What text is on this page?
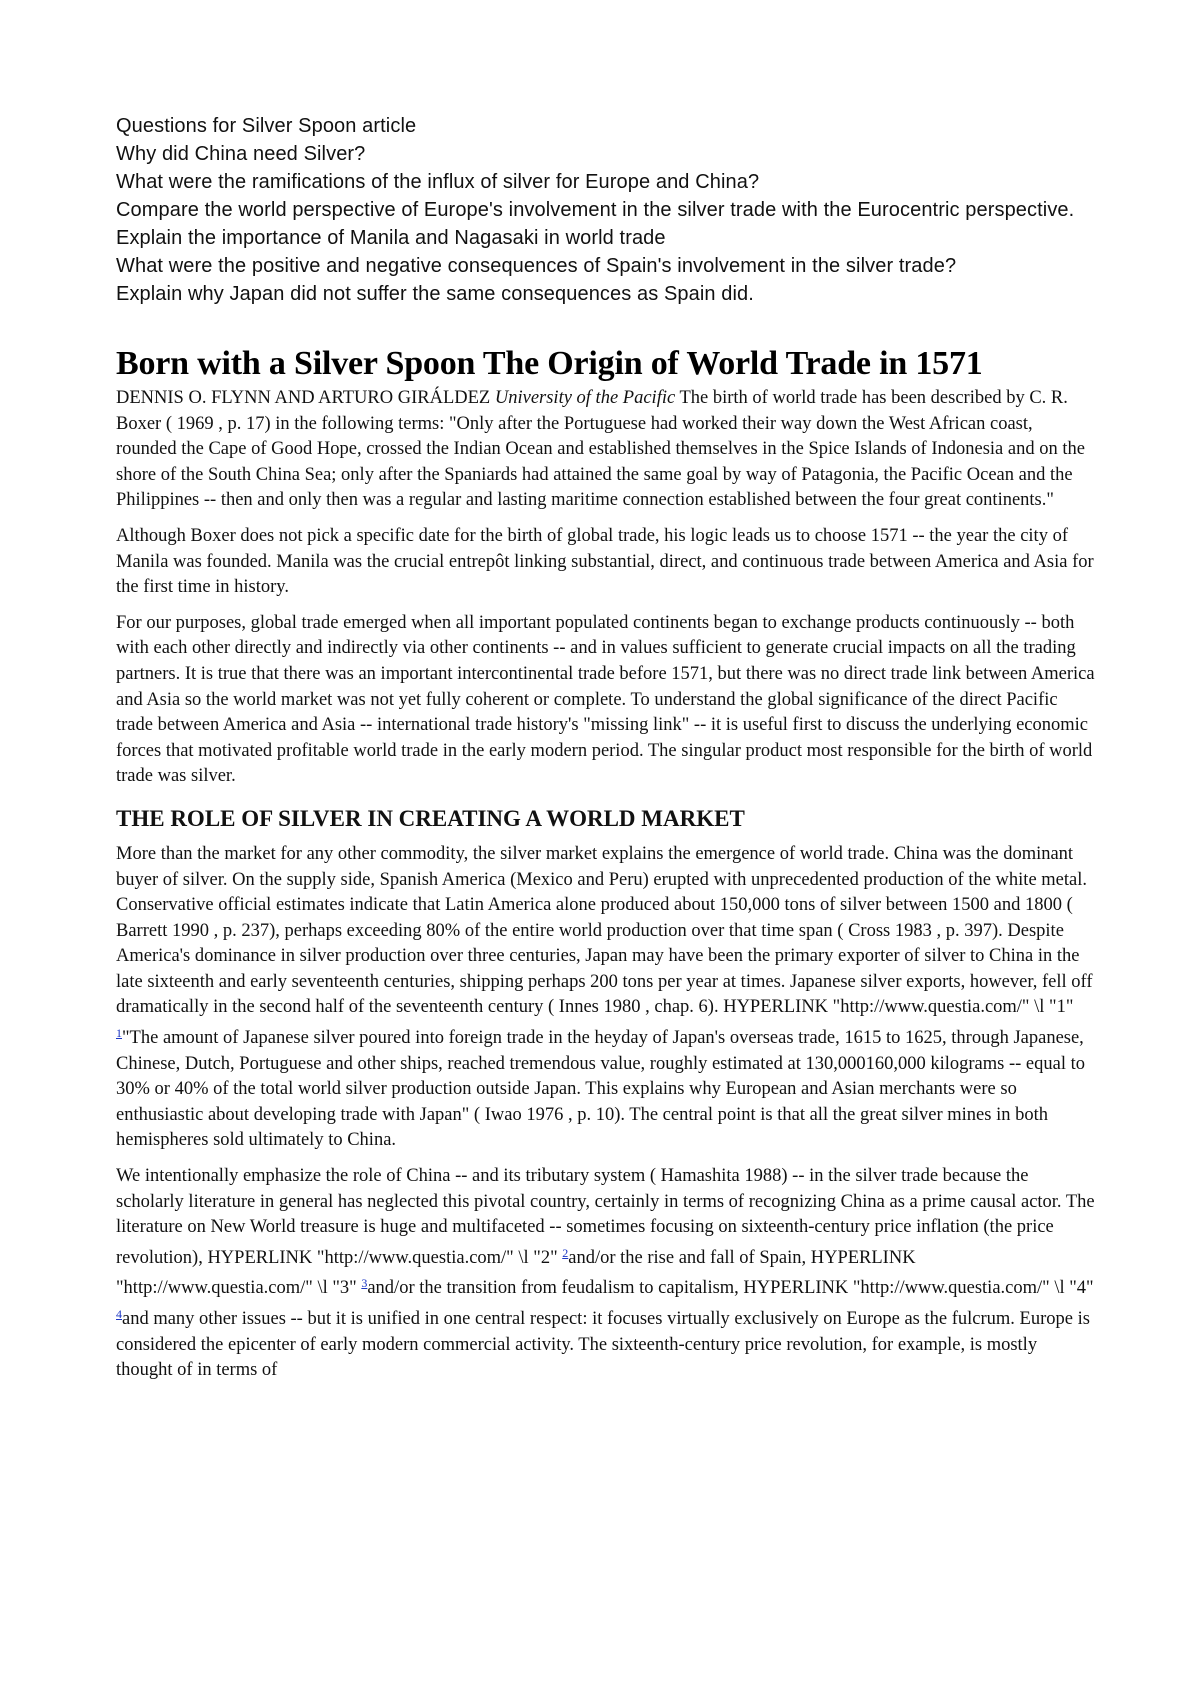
Questions for Silver Spoon article
Why did China need Silver?
What were the ramifications of the influx of silver for Europe and China?
Compare the world perspective of Europe's involvement in the silver trade with the Eurocentric perspective.
Explain the importance of Manila and Nagasaki in world trade
What were the positive and negative consequences of Spain's involvement in the silver trade?
Explain why Japan did not suffer the same consequences as Spain did.
Born with a Silver Spoon The Origin of World Trade in 1571

DENNIS O. FLYNN AND ARTURO GIRÁLDEZ University of the Pacific The birth of world trade has been described by C. R. Boxer ( 1969 , p. 17) in the following terms: "Only after the Portuguese had worked their way down the West African coast, rounded the Cape of Good Hope, crossed the Indian Ocean and established themselves in the Spice Islands of Indonesia and on the shore of the South China Sea; only after the Spaniards had attained the same goal by way of Patagonia, the Pacific Ocean and the Philippines -- then and only then was a regular and lasting maritime connection established between the four great continents."

Although Boxer does not pick a specific date for the birth of global trade, his logic leads us to choose 1571 -- the year the city of Manila was founded. Manila was the crucial entrepôt linking substantial, direct, and continuous trade between America and Asia for the first time in history.

For our purposes, global trade emerged when all important populated continents began to exchange products continuously -- both with each other directly and indirectly via other continents -- and in values sufficient to generate crucial impacts on all the trading partners. It is true that there was an important intercontinental trade before 1571, but there was no direct trade link between America and Asia so the world market was not yet fully coherent or complete. To understand the global significance of the direct Pacific trade between America and Asia -- international trade history's "missing link" -- it is useful first to discuss the underlying economic forces that motivated profitable world trade in the early modern period. The singular product most responsible for the birth of world trade was silver.

THE ROLE OF SILVER IN CREATING A WORLD MARKET

More than the market for any other commodity, the silver market explains the emergence of world trade. China was the dominant buyer of silver. On the supply side, Spanish America (Mexico and Peru) erupted with unprecedented production of the white metal. Conservative official estimates indicate that Latin America alone produced about 150,000 tons of silver between 1500 and 1800 ( Barrett 1990 , p. 237), perhaps exceeding 80% of the entire world production over that time span ( Cross 1983 , p. 397). Despite America's dominance in silver production over three centuries, Japan may have been the primary exporter of silver to China in the late sixteenth and early seventeenth centuries, shipping perhaps 200 tons per year at times. Japanese silver exports, however, fell off dramatically in the second half of the seventeenth century ( Innes 1980 , chap. 6). HYPERLINK "http://www.questia.com/" \l "1" $^1$"The amount of Japanese silver poured into foreign trade in the heyday of Japan's overseas trade, 1615 to 1625, through Japanese, Chinese, Dutch, Portuguese and other ships, reached tremendous value, roughly estimated at 130,000160,000 kilograms -- equal to 30% or 40% of the total world silver production outside Japan. This explains why European and Asian merchants were so enthusiastic about developing trade with Japan" ( Iwao 1976 , p. 10). The central point is that all the great silver mines in both hemispheres sold ultimately to China.

We intentionally emphasize the role of China -- and its tributary system ( Hamashita 1988) -- in the silver trade because the scholarly literature in general has neglected this pivotal country, certainly in terms of recognizing China as a prime causal actor. The literature on New World treasure is huge and multifaceted -- sometimes focusing on sixteenth-century price inflation (the price revolution), HYPERLINK "http://www.questia.com/" \l "2" $^2$and/or the rise and fall of Spain, HYPERLINK "http://www.questia.com/" \l "3" $^3$and/or the transition from feudalism to capitalism, HYPERLINK "http://www.questia.com/" \l "4" $^4$and many other issues -- but it is unified in one central respect: it focuses virtually exclusively on Europe as the fulcrum. Europe is considered the epicenter of early modern commercial activity. The sixteenth-century price revolution, for example, is mostly thought of in terms of
